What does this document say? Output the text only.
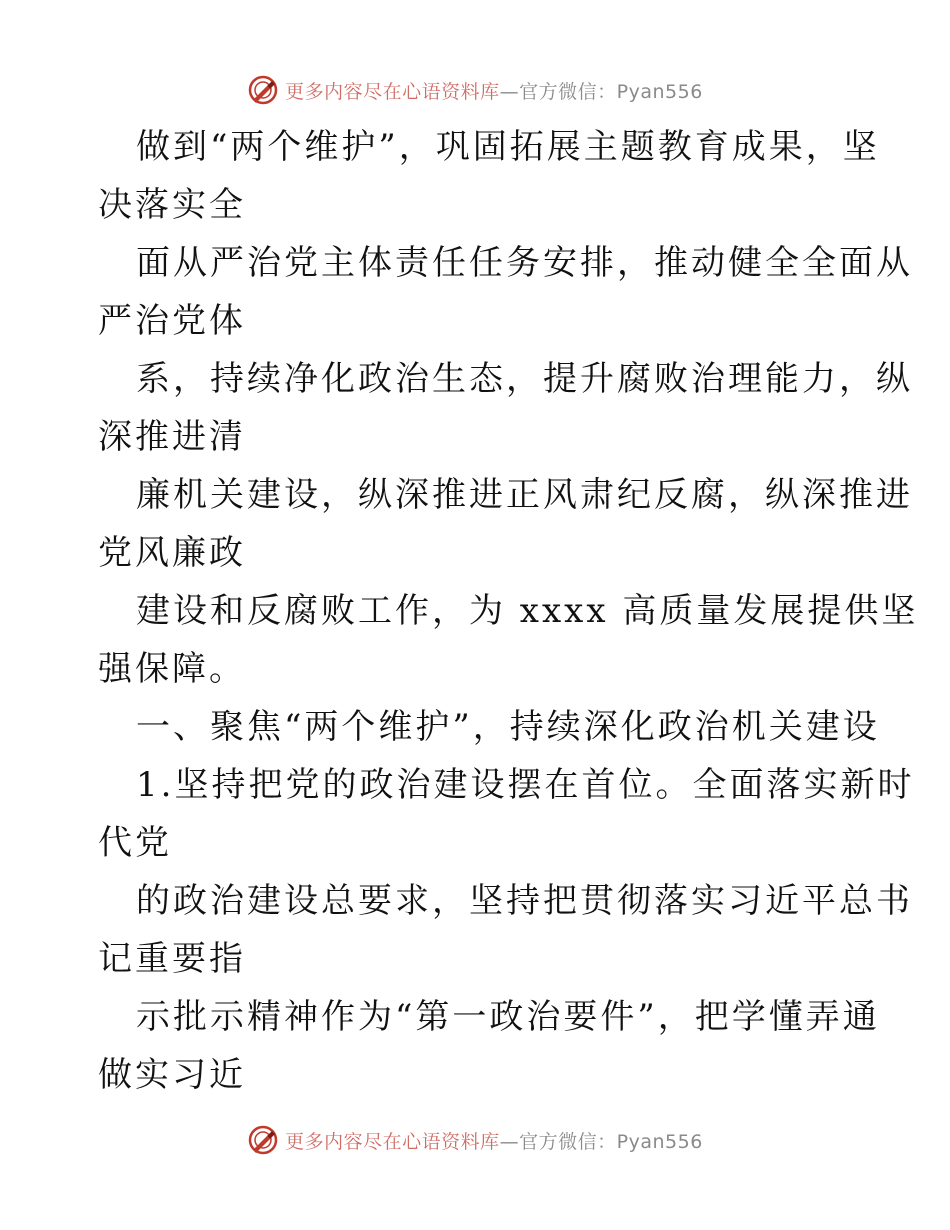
更多内容尽在心语资料库—官方微信：Pyan556
做到“两个维护”，巩固拓展主题教育成果，坚
决落实全
面从严治党主体责任任务安排，推动健全全面从
严治党体
系，持续净化政治生态，提升腐败治理能力，纵
深推进清
廉机关建设，纵深推进正风肃纪反腐，纵深推进
党风廉政
建设和反腐败工作，为 xxxx 高质量发展提供坚
强保障。
一、聚焦“两个维护”，持续深化政治机关建设
1.坚持把党的政治建设摆在首位。全面落实新时
代党
的政治建设总要求，坚持把贯彻落实习近平总书
记重要指
示批示精神作为“第一政治要件”，把学懂弄通
做实习近
更多内容尽在心语资料库—官方微信：Pyan556
